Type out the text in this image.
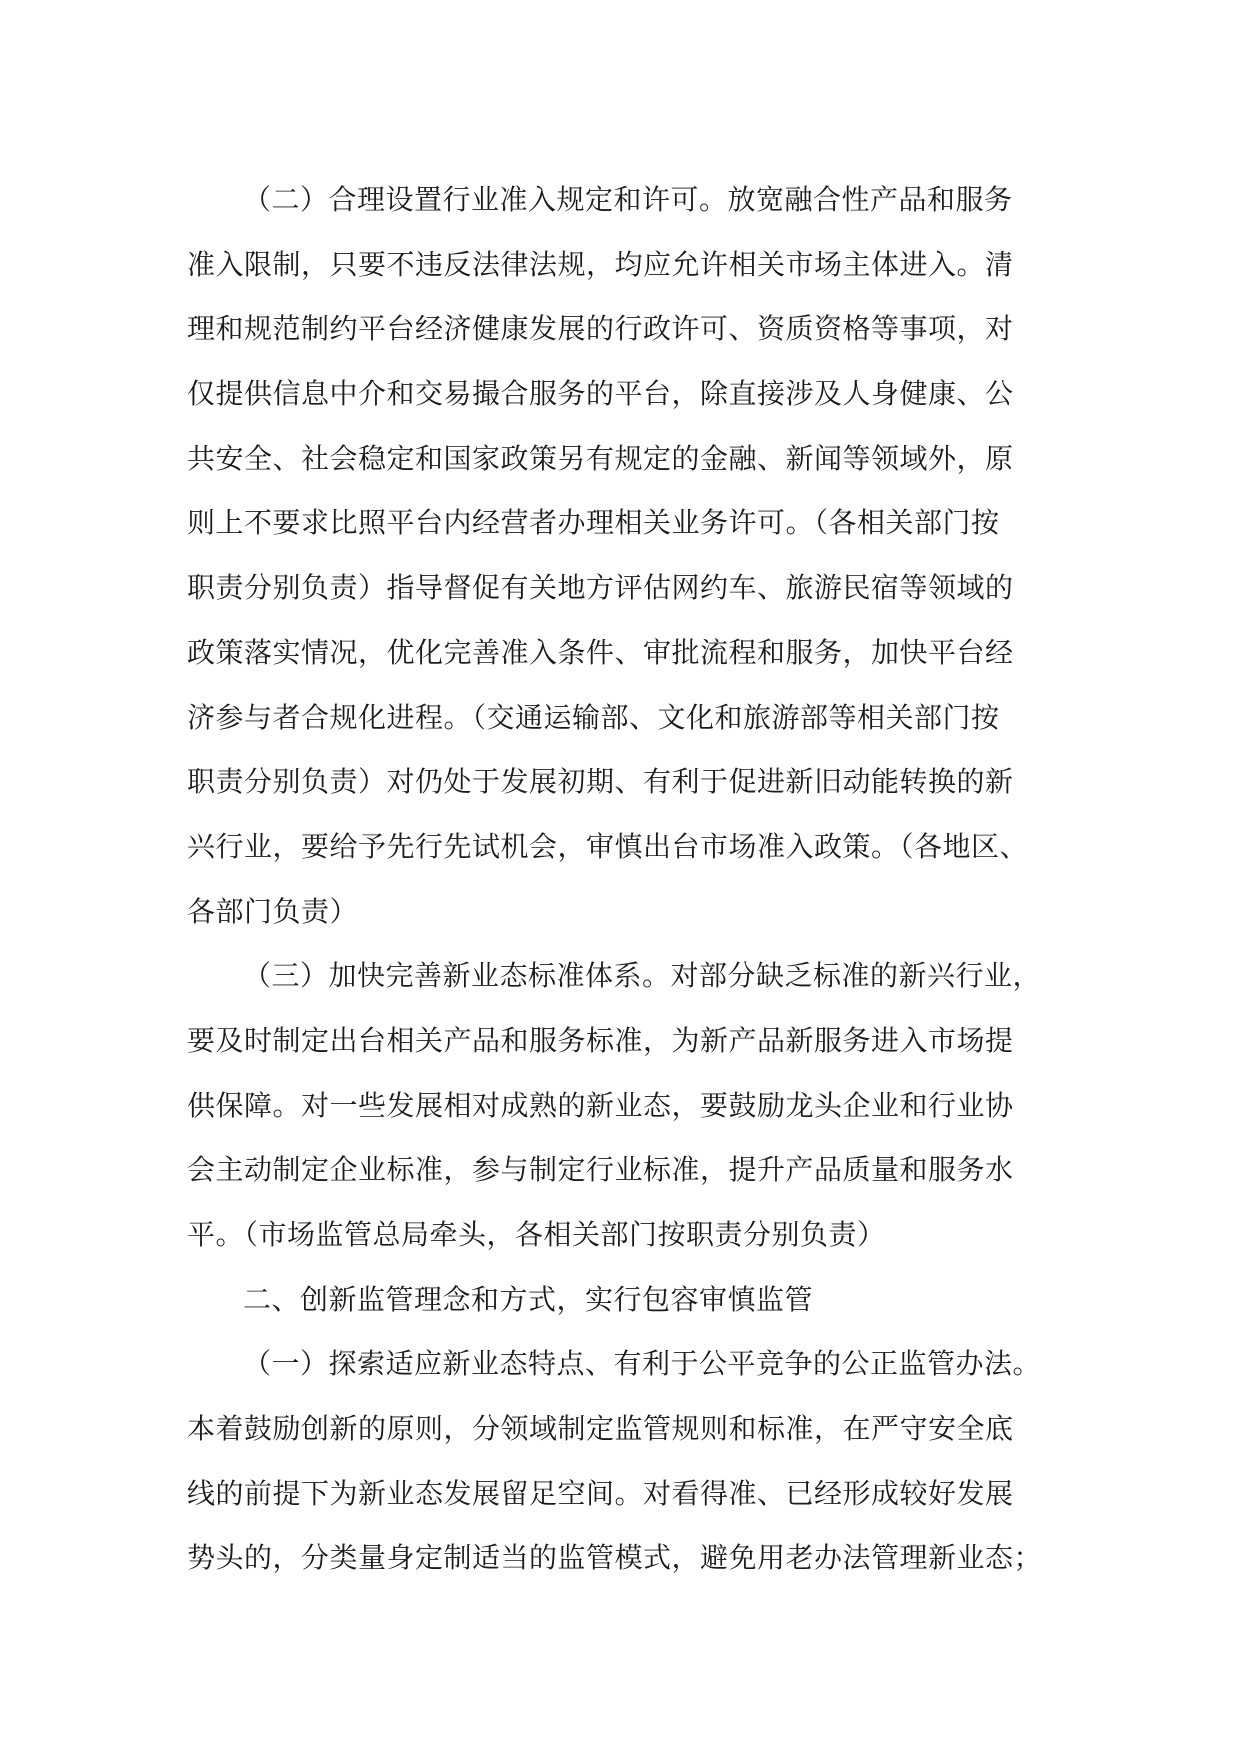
（二）合理设置行业准入规定和许可。放宽融合性产品和服务
准入限制，只要不违反法律法规，均应允许相关市场主体进入。清
理和规范制约平台经济健康发展的行政许可、资质资格等事项，对
仅提供信息中介和交易撮合服务的平台，除直接涉及人身健康、公
共安全、社会稳定和国家政策另有规定的金融、新闻等领域外，原
则上不要求比照平台内经营者办理相关业务许可。（各相关部门按
职责分别负责）指导督促有关地方评估网约车、旅游民宿等领域的
政策落实情况，优化完善准入条件、审批流程和服务，加快平台经
济参与者合规化进程。（交通运输部、文化和旅游部等相关部门按
职责分别负责）对仍处于发展初期、有利于促进新旧动能转换的新
兴行业，要给予先行先试机会，审慎出台市场准入政策。（各地区、
各部门负责）
（三）加快完善新业态标准体系。对部分缺乏标准的新兴行业，
要及时制定出台相关产品和服务标准，为新产品新服务进入市场提
供保障。对一些发展相对成熟的新业态，要鼓励龙头企业和行业协
会主动制定企业标准，参与制定行业标准，提升产品质量和服务水
平。（市场监管总局牵头，各相关部门按职责分别负责）
二、创新监管理念和方式，实行包容审慎监管
（一）探索适应新业态特点、有利于公平竞争的公正监管办法。
本着鼓励创新的原则，分领域制定监管规则和标准，在严守安全底
线的前提下为新业态发展留足空间。对看得准、已经形成较好发展
势头的，分类量身定制适当的监管模式，避免用老办法管理新业态；
